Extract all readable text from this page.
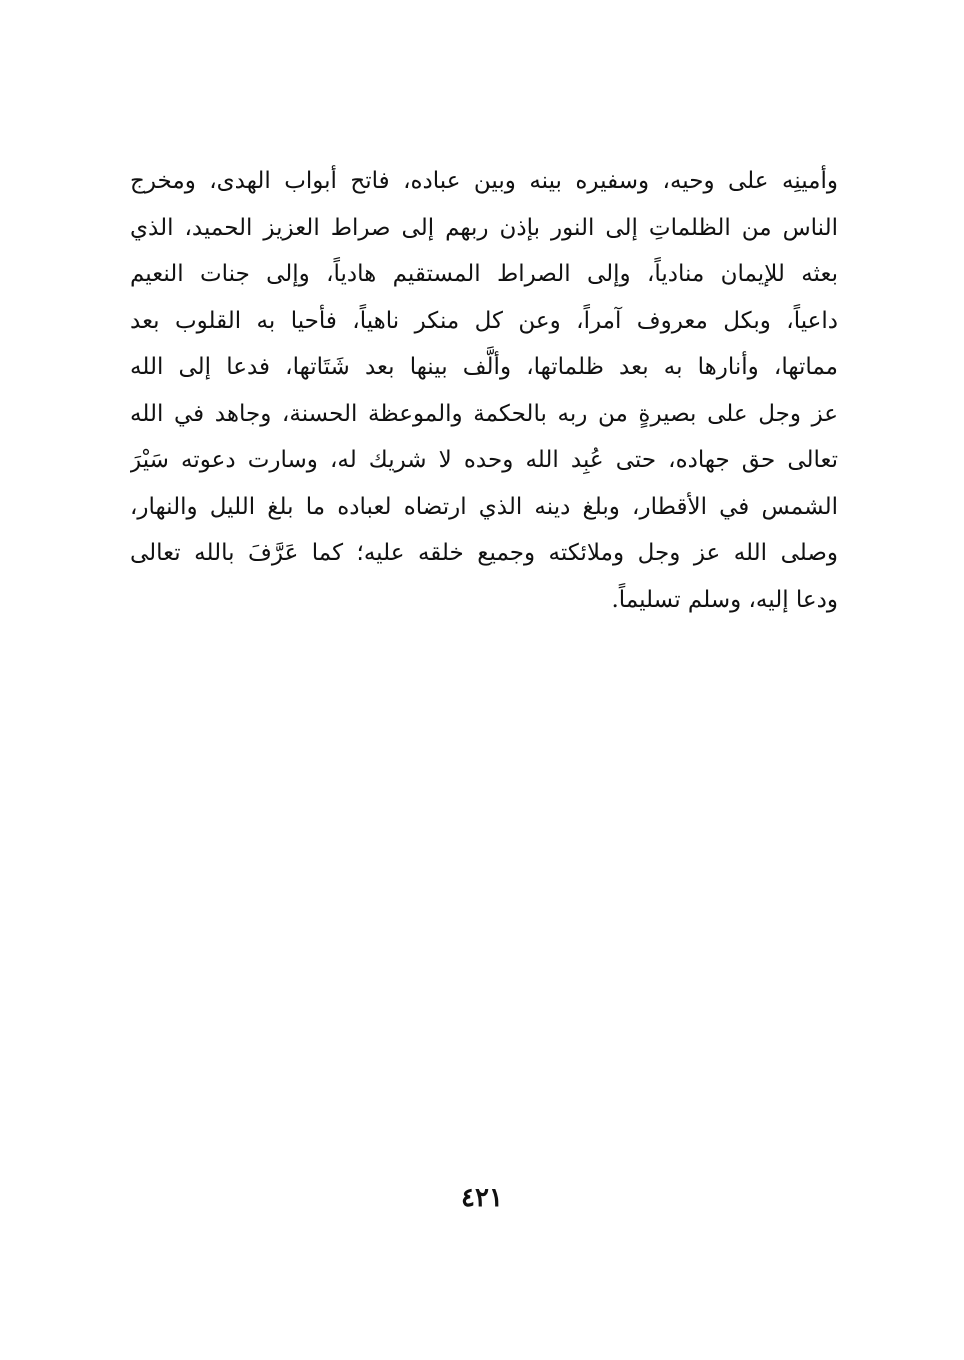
وأمينِه على وحيه، وسفيره بينه وبين عباده، فاتح أبواب الهدى، ومخرج
الناس من الظلماتِ إلى النور بإذن ربهم إلى صراط العزيز الحميد، الذي
بعثه للإيمان منادياً، وإلى الصراط المستقيم هادياً، وإلى جنات النعيم
داعياً، وبكل معروف آمراً، وعن كل منكر ناهياً، فأحيا به القلوب بعد
مماتها، وأنارها به بعد ظلماتها، وألَّف بينها بعد شَتَاتها، فدعا إلى الله
عز وجل على بصيرةٍ من ربه بالحكمة والموعظة الحسنة، وجاهد في الله
تعالى حق جهاده، حتى عُبِد الله وحده لا شريك له، وسارت دعوته سَيْرَ
الشمس في الأقطار، وبلغ دينه الذي ارتضاه لعباده ما بلغ الليل والنهار،
وصلى الله عز وجل وملائكته وجميع خلقه عليه؛ كما عَرَّفَ بالله تعالى
ودعا إليه، وسلم تسليماً.
٤٢١
